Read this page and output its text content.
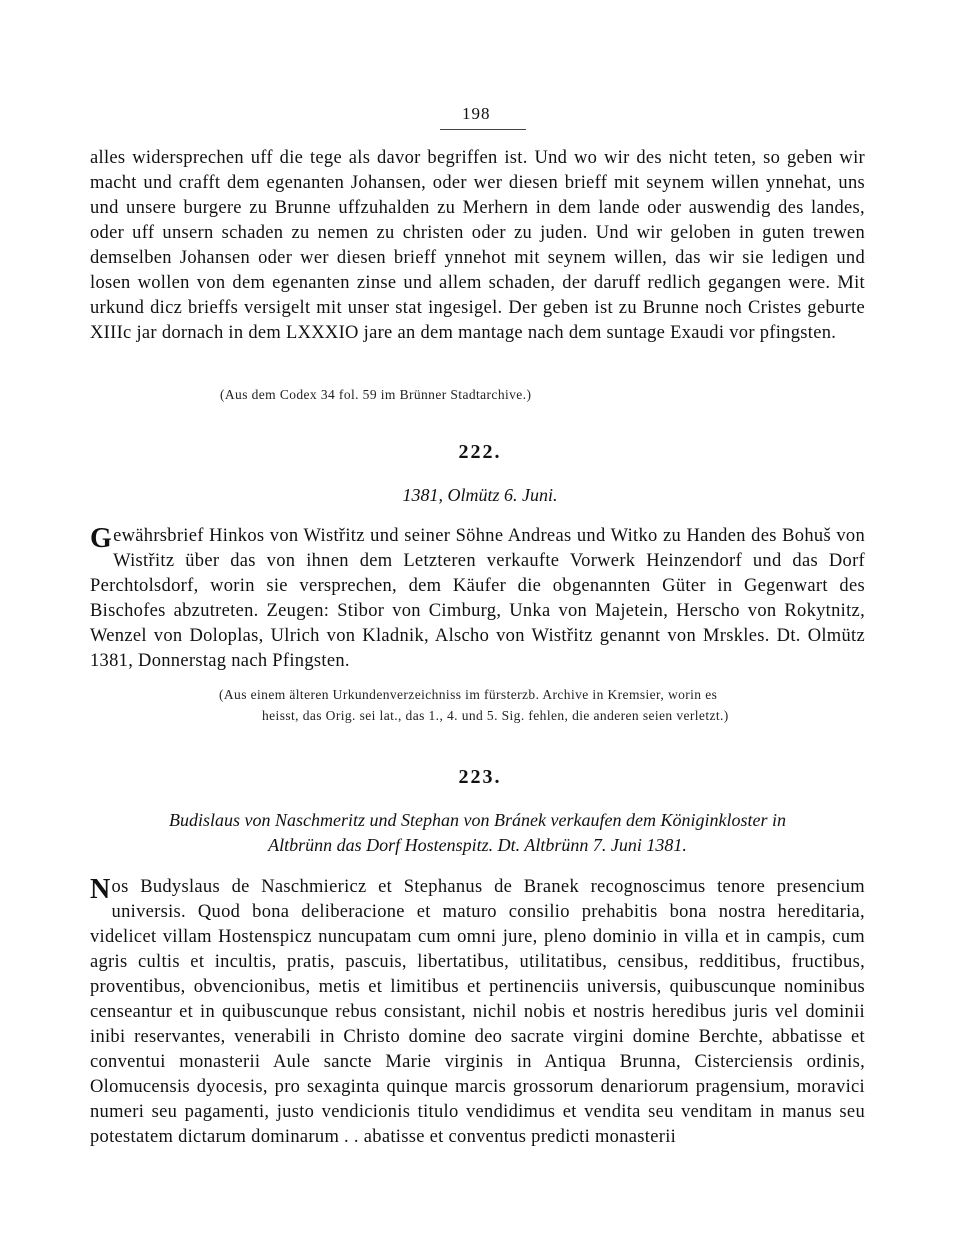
198

alles widersprechen uff die tege als davor begriffen ist. Und wo wir des nicht teten, so geben wir macht und crafft dem egenanten Johansen, oder wer diesen brieff mit seynem willen ynnehat, uns und unsere burgere zu Brunne uffzuhalden zu Merhern in dem lande oder auswendig des landes, oder uff unsern schaden zu nemen zu christen oder zu juden. Und wir geloben in guten trewen demselben Johansen oder wer diesen brieff ynnehot mit seynem willen, das wir sie ledigen und losen wollen von dem egenanten zinse und allem schaden, der daruff redlich gegangen were. Mit urkund dicz brieffs versigelt mit unser stat ingesigel. Der geben ist zu Brunne noch Cristes geburte XIIIc jar dornach in dem LXXXIO jare an dem mantage nach dem suntage Exaudi vor pfingsten.

(Aus dem Codex 34 fol. 59 im Brünner Stadtarchive.)
222.
1381, Olmütz 6. Juni.

Gewährsbrief Hinkos von Wistřitz und seiner Söhne Andreas und Witko zu Handen des Bohuš von Wistřitz über das von ihnen dem Letzteren verkaufte Vorwerk Heinzendorf und das Dorf Perchtolsdorf, worin sie versprechen, dem Käufer die obgenannten Güter in Gegenwart des Bischofes abzutreten. Zeugen: Stibor von Cimburg, Unka von Majetein, Herscho von Rokytnitz, Wenzel von Doloplas, Ulrich von Kladnik, Alscho von Wistřitz genannt von Mrskles. Dt. Olmütz 1381, Donnerstag nach Pfingsten.

(Aus einem älteren Urkundenverzeichniss im fürsterzb. Archive in Kremsier, worin es
heisst, das Orig. sei lat., das 1., 4. und 5. Sig. fehlen, die anderen seien verletzt.)
223.
Budislaus von Naschmeritz und Stephan von Bránek verkaufen dem Königinkloster in
Altbrünn das Dorf Hostenspitz. Dt. Altbrünn 7. Juni 1381.

Nos Budyslaus de Naschmiericz et Stephanus de Branek recognoscimus tenore presencium universis. Quod bona deliberacione et maturo consilio prehabitis bona nostra hereditaria, videlicet villam Hostenspicz nuncupatam cum omni jure, pleno dominio in villa et in campis, cum agris cultis et incultis, pratis, pascuis, libertatibus, utilitatibus, censibus, redditibus, fructibus, proventibus, obvencionibus, metis et limitibus et pertinenciis universis, quibuscunque nominibus censeantur et in quibuscunque rebus consistant, nichil nobis et nostris heredibus juris vel dominii inibi reservantes, venerabili in Christo domine deo sacrate virgini domine Berchte, abbatisse et conventui monasterii Aule sancte Marie virginis in Antiqua Brunna, Cisterciensis ordinis, Olomucensis dyocesis, pro sexaginta quinque marcis grossorum denariorum pragensium, moravici numeri seu pagamenti, justo vendicionis titulo vendidimus et vendita seu venditam in manus seu potestatem dictarum dominarum . . abatisse et conventus predicti monasterii
